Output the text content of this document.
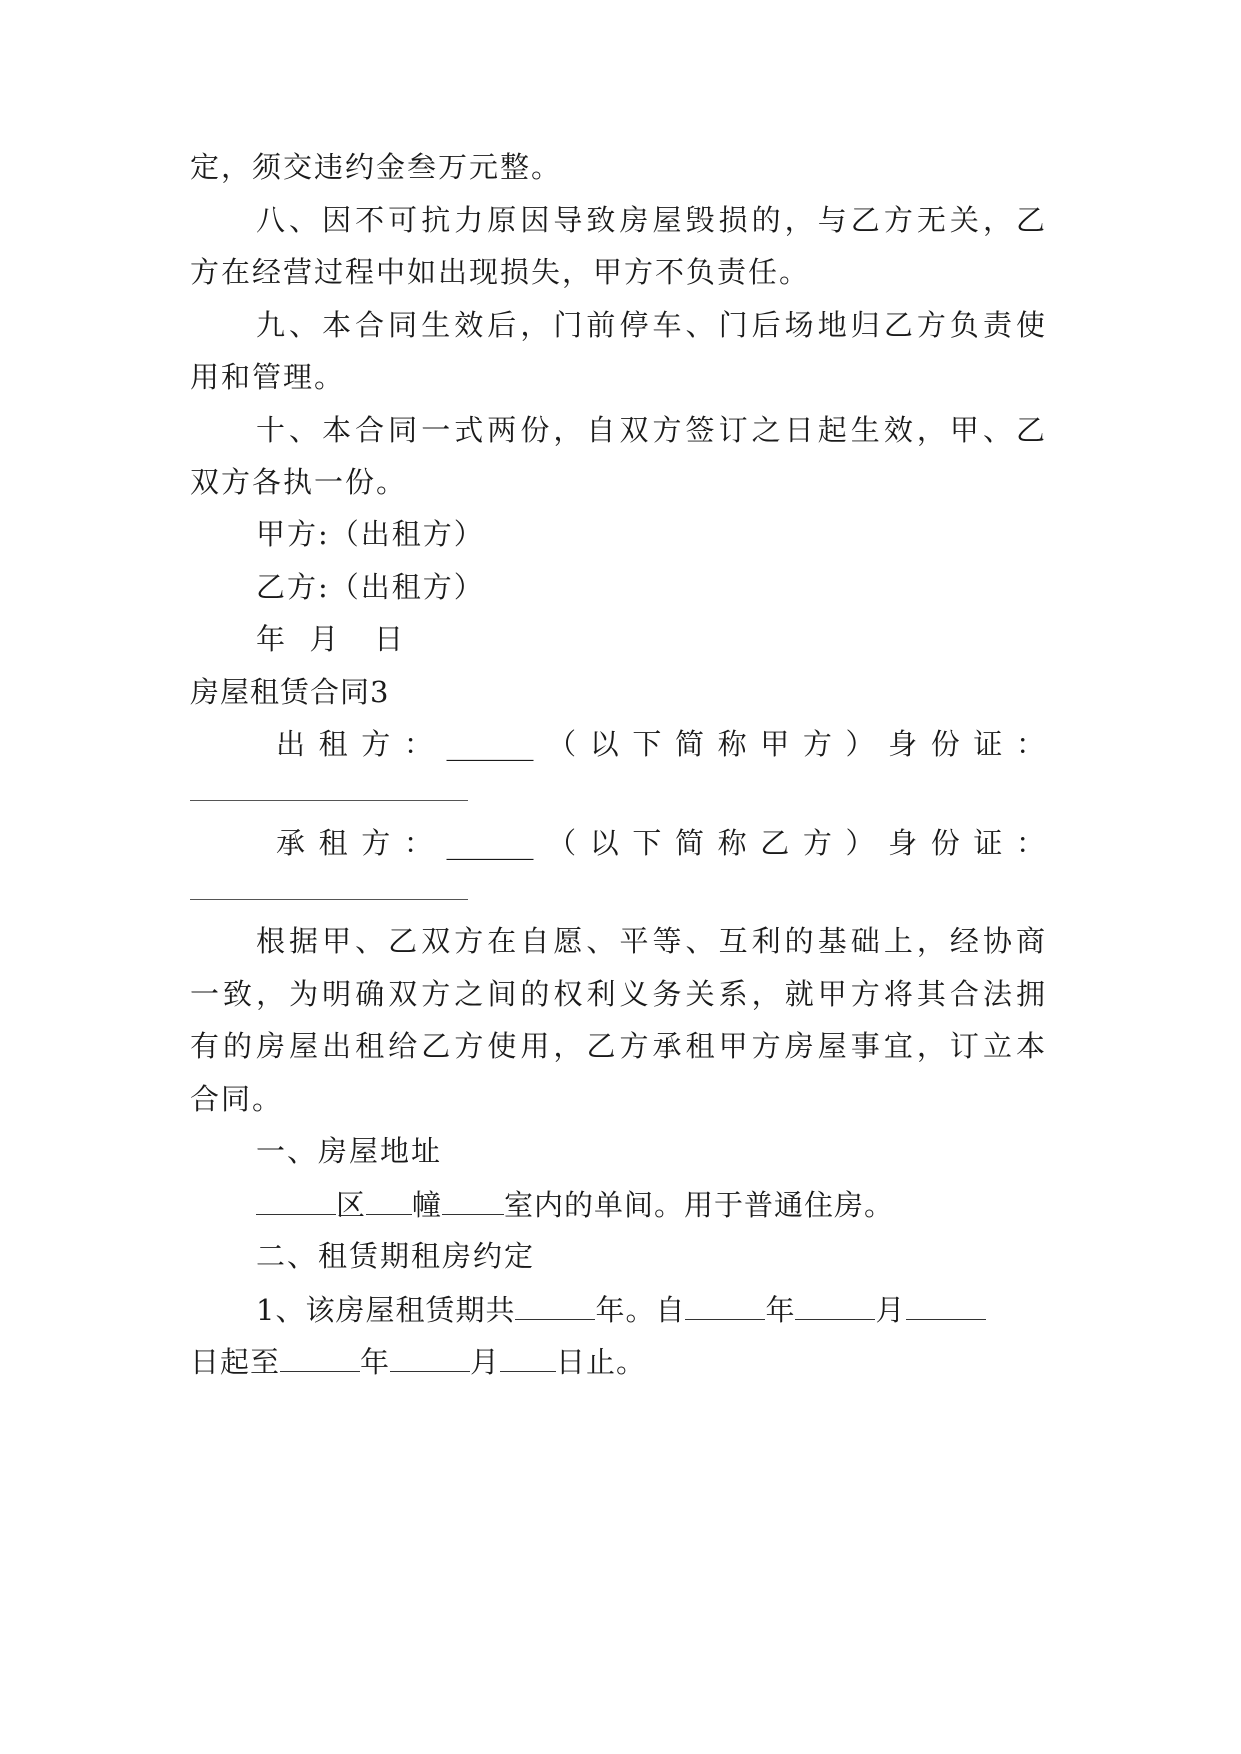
定，须交违约金叁万元整。
八、因不可抗力原因导致房屋毁损的，与乙方无关，乙
方在经营过程中如出现损失，甲方不负责任。
九、本合同生效后，门前停车、门后场地归乙方负责使
用和管理。
十、本合同一式两份，自双方签订之日起生效，甲、乙
双方各执一份。
甲方:（出租方）
乙方:（出租方）
年  月   日
房屋租赁合同3
出 租 方 ： ______ （ 以 下 简 称 甲 方 ） 身 份 证 ：
承 租 方 ： ______ （ 以 下 简 称 乙 方 ） 身 份 证 ：
根据甲、乙双方在自愿、平等、互利的基础上，经协商
一致，为明确双方之间的权利义务关系，就甲方将其合法拥
有的房屋出租给乙方使用，乙方承租甲方房屋事宜，订立本
合同。
一、房屋地址
区 幢 室内的单间。用于普通住房。
二、租赁期租房约定
1、该房屋租赁期共	年。自	年	月
日起至	年	月 日止。
